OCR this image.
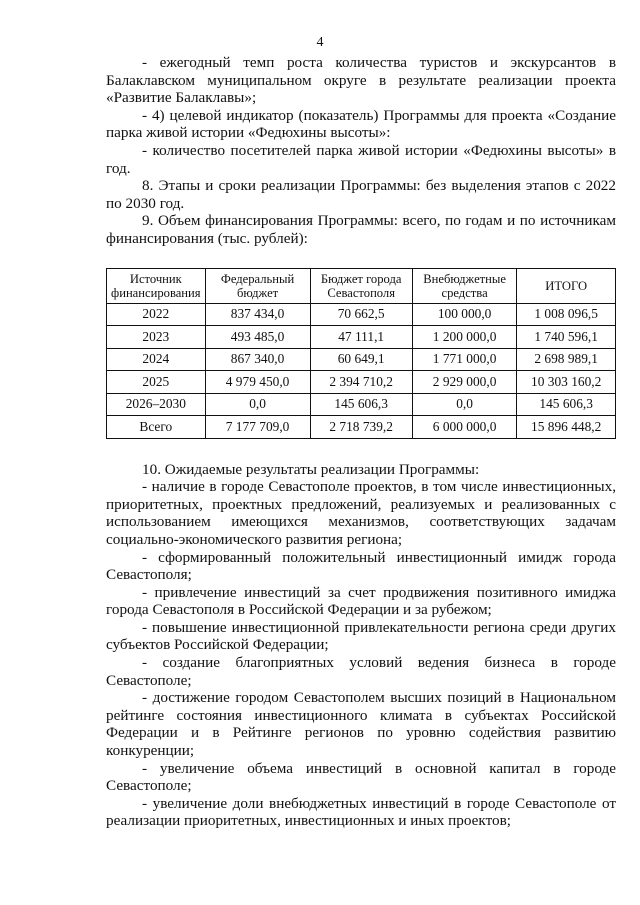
4

- ежегодный темп роста количества туристов и экскурсантов в Балаклавском муниципальном округе в результате реализации проекта «Развитие Балаклавы»;

- 4) целевой индикатор (показатель) Программы для проекта «Создание парка живой истории «Федюхины высоты»:

- количество посетителей парка живой истории «Федюхины высоты» в год.

8. Этапы и сроки реализации Программы: без выделения этапов с 2022 по 2030 год.

9. Объем финансирования Программы: всего, по годам и по источникам финансирования (тыс. рублей):

Источник финансирования	Федеральный бюджет	Бюджет города Севастополя	Внебюджетные средства	ИТОГО
2022	837 434,0	70 662,5	100 000,0	1 008 096,5
2023	493 485,0	47 111,1	1 200 000,0	1 740 596,1
2024	867 340,0	60 649,1	1 771 000,0	2 698 989,1
2025	4 979 450,0	2 394 710,2	2 929 000,0	10 303 160,2
2026–2030	0,0	145 606,3	0,0	145 606,3
Всего	7 177 709,0	2 718 739,2	6 000 000,0	15 896 448,2

10. Ожидаемые результаты реализации Программы:

- наличие в городе Севастополе проектов, в том числе инвестиционных, приоритетных, проектных предложений, реализуемых и реализованных с использованием имеющихся механизмов, соответствующих задачам социально-экономического развития региона;

- сформированный положительный инвестиционный имидж города Севастополя;

- привлечение инвестиций за счет продвижения позитивного имиджа города Севастополя в Российской Федерации и за рубежом;

- повышение инвестиционной привлекательности региона среди других субъектов Российской Федерации;

- создание благоприятных условий ведения бизнеса в городе Севастополе;

- достижение городом Севастополем высших позиций в Национальном рейтинге состояния инвестиционного климата в субъектах Российской Федерации и в Рейтинге регионов по уровню содействия развитию конкуренции;

- увеличение объема инвестиций в основной капитал в городе Севастополе;

- увеличение доли внебюджетных инвестиций в городе Севастополе от реализации приоритетных, инвестиционных и иных проектов;
